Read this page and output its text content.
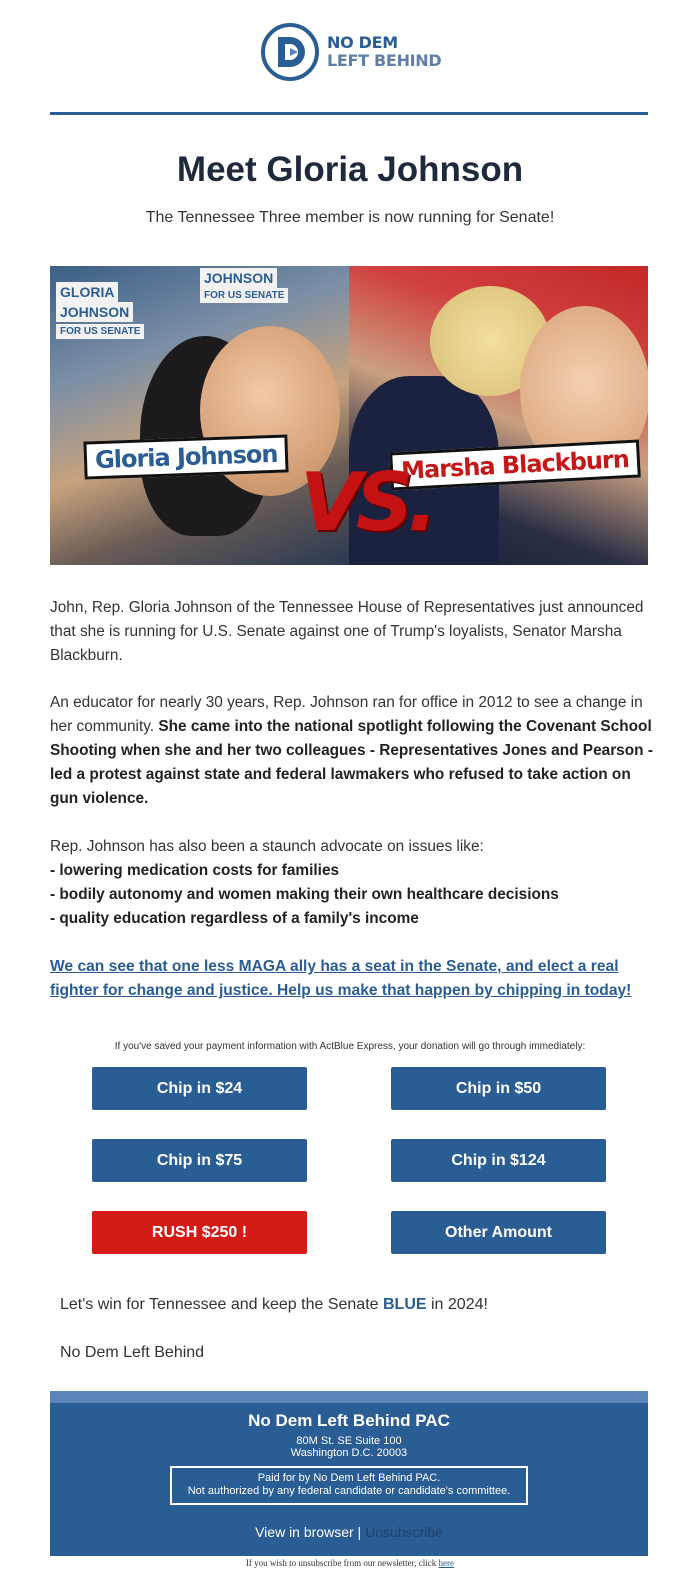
NO DEM
LEFT BEHIND
Meet Gloria Johnson
The Tennessee Three member is now running for Senate!
GLORIA
JOHNSON
JOHNSON
FOR US SENATE
FOR US SENATE
Gloria Johnson	Marsha Blackburn
VS.

John, Rep. Gloria Johnson of the Tennessee House of Representatives just announced that she is running for U.S. Senate against one of Trump's loyalists, Senator Marsha Blackburn.

An educator for nearly 30 years, Rep. Johnson ran for office in 2012 to see a change in her community. She came into the national spotlight following the Covenant School Shooting when she and her two colleagues - Representatives Jones and Pearson - led a protest against state and federal lawmakers who refused to take action on gun violence.

Rep. Johnson has also been a staunch advocate on issues like:
- lowering medication costs for families
- bodily autonomy and women making their own healthcare decisions
- quality education regardless of a family's income
We can see that one less MAGA ally has a seat in the Senate, and elect a real fighter for change and justice. Help us make that happen by chipping in today!
If you've saved your payment information with ActBlue Express, your donation will go through immediately:
Chip in $24	Chip in $50
Chip in $75	Chip in $124
RUSH $250 !	Other Amount

Let's win for Tennessee and keep the Senate BLUE in 2024!

No Dem Left Behind

No Dem Left Behind PAC
80M St. SE Suite 100
Washington D.C. 20003
Paid for by No Dem Left Behind PAC.
Not authorized by any federal candidate or candidate's committee.
View in browser | Unsubscribe
If you wish to unsubscribe from our newsletter, click here
